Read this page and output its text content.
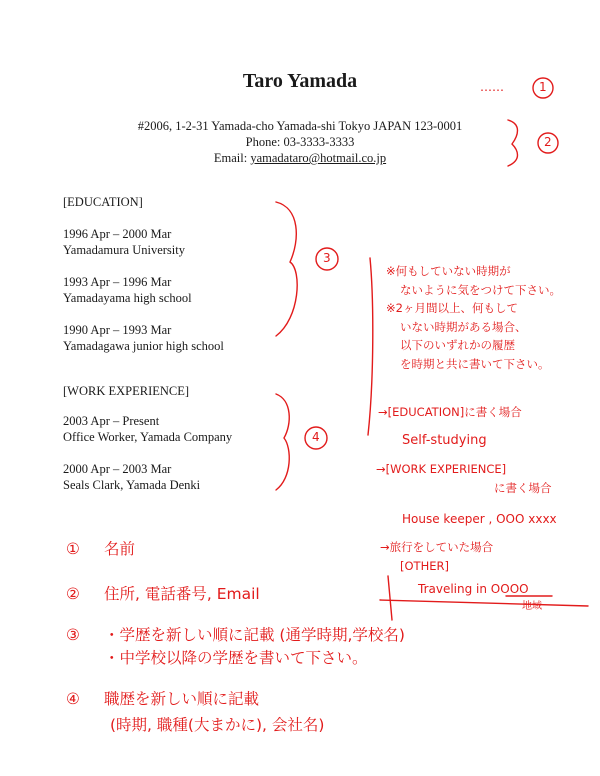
Taro Yamada
#2006, 1-2-31 Yamada-cho Yamada-shi Tokyo JAPAN 123-0001
Phone: 03-3333-3333
Email: yamadataro@hotmail.co.jp
[EDUCATION]
1996 Apr – 2000 Mar
Yamadamura University
1993 Apr – 1996 Mar
Yamadayama high school
1990 Apr – 1993 Mar
Yamadagawa junior high school
[WORK EXPERIENCE]
2003 Apr – Present
Office Worker, Yamada Company
2000 Apr – 2003 Mar
Seals Clark, Yamada Denki
……	1
2
3
4
※何もしていない時期が
ないように気をつけて下さい。
※2ヶ月間以上、何もして
いない時期がある場合、
以下のいずれかの履歴
を時期と共に書いて下さい。
→[EDUCATION]に書く場合
Self-studying
→[WORK EXPERIENCE]
に書く場合
House keeper , OOO xxxx
→旅行をしていた場合
[OTHER]
Traveling in OOOO
地域
① 名前
② 住所, 電話番号, Email
③ ・学歴を新しい順に記載 (通学時期,学校名)
・中学校以降の学歴を書いて下さい。
④ 職歴を新しい順に記載
(時期, 職種(大まかに), 会社名)
